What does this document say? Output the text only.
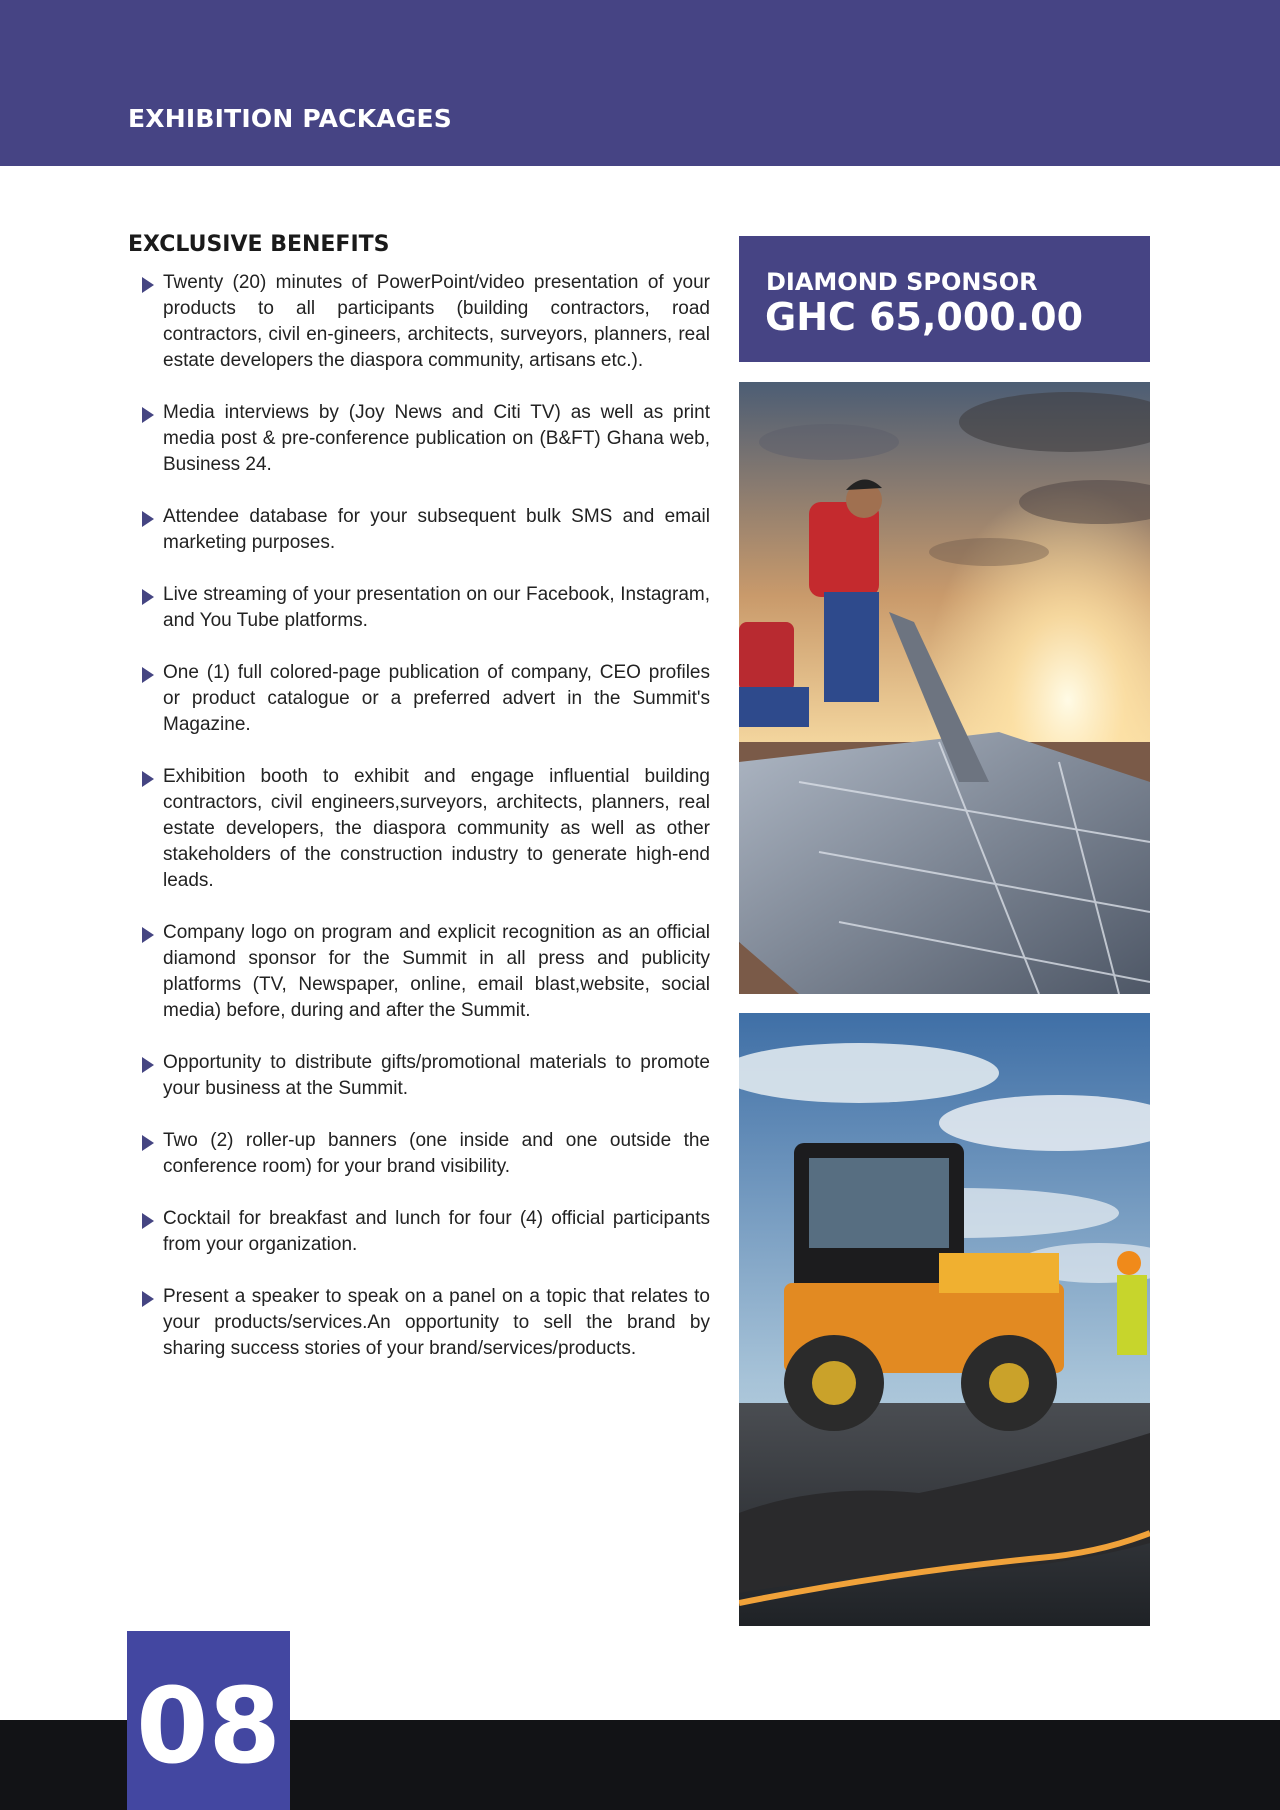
EXHIBITION PACKAGES
EXCLUSIVE BENEFITS
Twenty (20) minutes of PowerPoint/video presentation of your products to all participants (building contractors, road contractors, civil en-gineers, architects, surveyors, planners, real estate developers the diaspora community, artisans etc.).
Media interviews by (Joy News and Citi TV) as well as print media post & pre-conference publication on (B&FT) Ghana web, Business 24.
Attendee database for your subsequent bulk SMS and email marketing purposes.
Live streaming of your presentation on our Facebook, Instagram, and You Tube platforms.
One (1) full colored-page publication of company, CEO profiles or product catalogue or a preferred advert in the Summit's Magazine.
Exhibition booth to exhibit and engage influential building contractors, civil engineers,surveyors, architects, planners, real estate developers, the diaspora community as well as other stakeholders of the construction industry to generate high-end leads.
Company logo on program and explicit recognition as an official diamond sponsor for the Summit in all press and publicity platforms (TV, Newspaper, online, email blast,website, social media) before, during and after the Summit.
Opportunity to distribute gifts/promotional materials to promote your business at the Summit.
Two (2) roller-up banners (one inside and one outside the conference room) for your brand visibility.
Cocktail for breakfast and lunch for four (4) official participants from your organization.
Present a speaker to speak on a panel on a topic that relates to your products/services.An opportunity to sell the brand by sharing success stories of your brand/services/products.
DIAMOND SPONSOR
GHC 65,000.00
08
